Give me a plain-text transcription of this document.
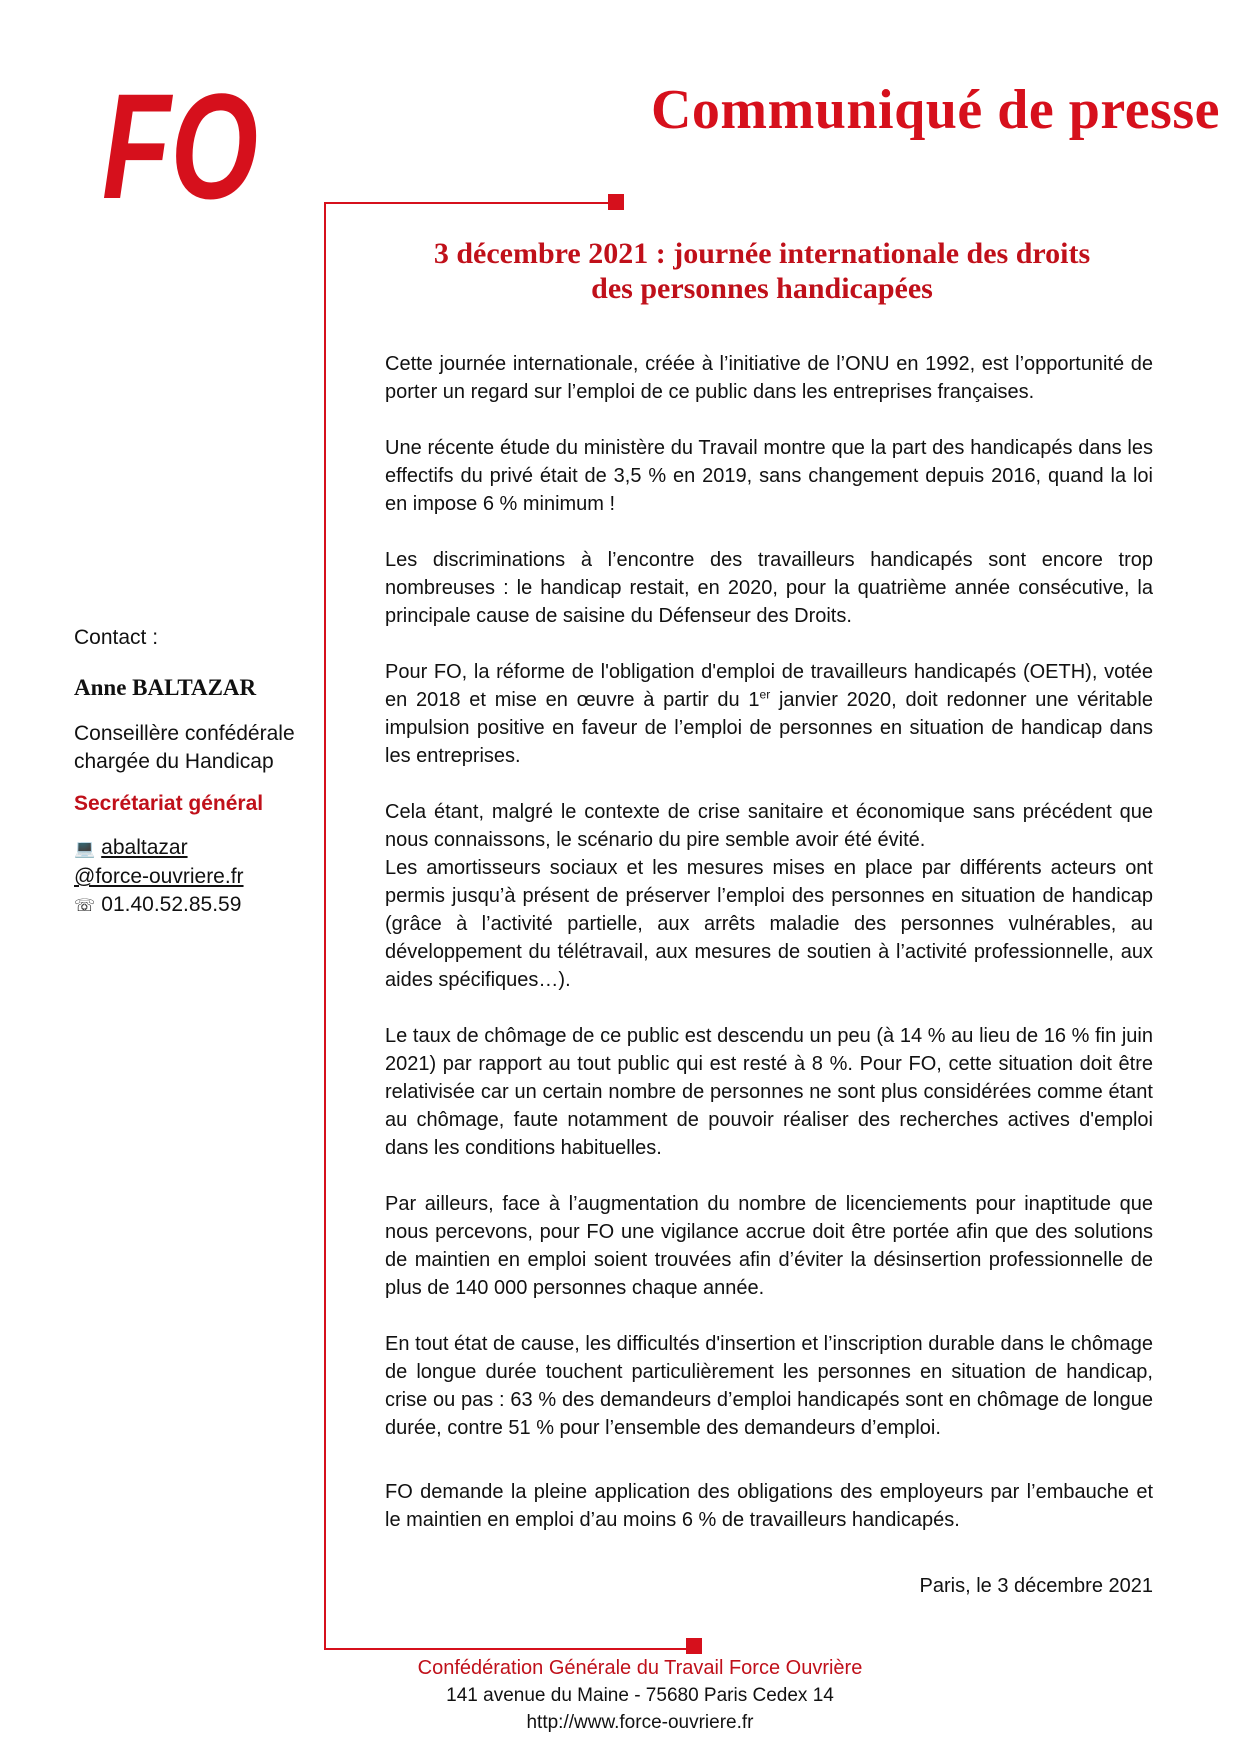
FO	Communiqué de presse

Contact :

Anne BALTAZAR

Conseillère confédérale

chargée du Handicap

Secrétariat général

💻 abaltazar

@force-ouvriere.fr

☏ 01.40.52.85.59

3 décembre 2021 : journée internationale des droits
des personnes handicapées

Cette journée internationale, créée à l’initiative de l’ONU en 1992, est l’opportunité de porter un regard sur l’emploi de ce public dans les entreprises françaises.

Une récente étude du ministère du Travail montre que la part des handicapés dans les effectifs du privé était de 3,5 % en 2019, sans changement depuis 2016, quand la loi en impose 6 % minimum !

Les discriminations à l’encontre des travailleurs handicapés sont encore trop nombreuses : le handicap restait, en 2020, pour la quatrième année consécutive, la principale cause de saisine du Défenseur des Droits.

Pour FO, la réforme de l'obligation d'emploi de travailleurs handicapés (OETH), votée en 2018 et mise en œuvre à partir du 1er janvier 2020, doit redonner une véritable impulsion positive en faveur de l’emploi de personnes en situation de handicap dans les entreprises.

Cela étant, malgré le contexte de crise sanitaire et économique sans précédent que nous connaissons, le scénario du pire semble avoir été évité.

Les amortisseurs sociaux et les mesures mises en place par différents acteurs ont permis jusqu’à présent de préserver l’emploi des personnes en situation de handicap (grâce à l’activité partielle, aux arrêts maladie des personnes vulnérables, au développement du télétravail, aux mesures de soutien à l’activité professionnelle, aux aides spécifiques…).

Le taux de chômage de ce public est descendu un peu (à 14 % au lieu de 16 % fin juin 2021) par rapport au tout public qui est resté à 8 %. Pour FO, cette situation doit être relativisée car un certain nombre de personnes ne sont plus considérées comme étant au chômage, faute notamment de pouvoir réaliser des recherches actives d'emploi dans les conditions habituelles.

Par ailleurs, face à l’augmentation du nombre de licenciements pour inaptitude que nous percevons, pour FO une vigilance accrue doit être portée afin que des solutions de maintien en emploi soient trouvées afin d’éviter la désinsertion professionnelle de plus de 140 000 personnes chaque année.

En tout état de cause, les difficultés d'insertion et l’inscription durable dans le chômage de longue durée touchent particulièrement les personnes en situation de handicap, crise ou pas : 63 % des demandeurs d’emploi handicapés sont en chômage de longue durée, contre 51 % pour l’ensemble des demandeurs d’emploi.

FO demande la pleine application des obligations des employeurs par l’embauche et le maintien en emploi d’au moins 6 % de travailleurs handicapés.

Paris, le 3 décembre 2021

Confédération Générale du Travail Force Ouvrière
141 avenue du Maine - 75680 Paris Cedex 14
http://www.force-ouvriere.fr
